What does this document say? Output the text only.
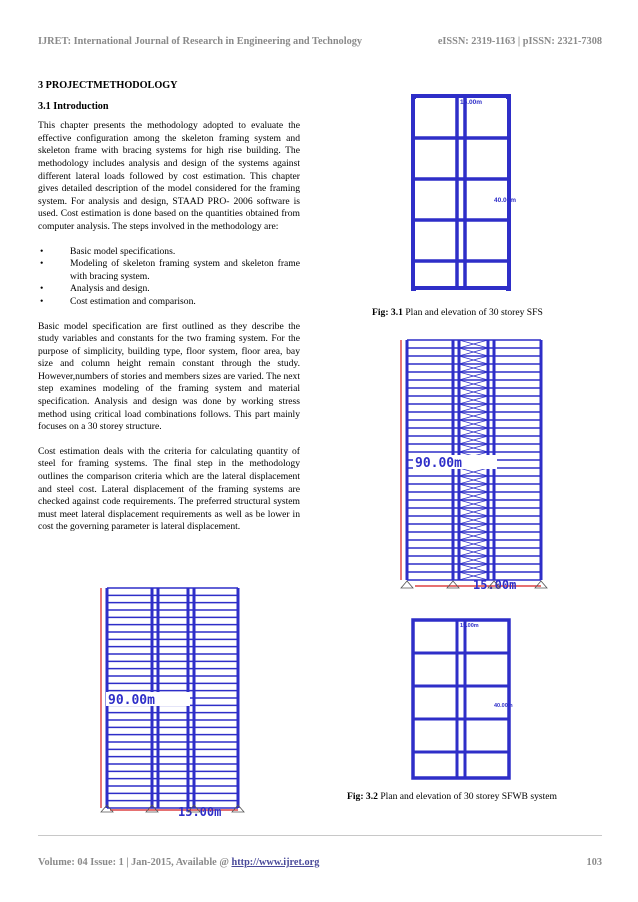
IJRET: International Journal of Research in Engineering and Technology	eISSN: 2319-1163 | pISSN: 2321-7308
3 PROJECTMETHODOLOGY
3.1 Introduction

This chapter presents the methodology adopted to evaluate the effective configuration among the skeleton framing system and skeleton frame with bracing systems for high rise building. The methodology includes analysis and design of the systems against different lateral loads followed by cost estimation. This chapter gives detailed description of the model considered for the framing system. For analysis and design, STAAD PRO- 2006 software is used. Cost estimation is done based on the quantities obtained from computer analysis. The steps involved in the methodology are:

•	Basic model specifications.
•	Modeling of skeleton framing system and skeleton frame with bracing system.
•	Analysis and design.
•	Cost estimation and comparison.

Basic model specification are first outlined as they describe the study variables and constants for the two framing system. For the purpose of simplicity, building type, floor system, floor area, bay size and column height remain constant through the study. However,numbers of stories and members sizes are varied. The next step examines modeling of the framing system and material specification. Analysis and design was done by working stress method using critical load combinations follows. This part mainly focuses on a 30 storey structure.

Cost estimation deals with the criteria for calculating quantity of steel for framing systems. The final step in the methodology outlines the comparison criteria which are the lateral displacement and steel cost. Lateral displacement of the framing systems are checked against code requirements. The preferred structural system must meet lateral displacement requirements as well as be lower in cost the governing parameter is lateral displacement.

15.00m
40.00m
Fig: 3.1 Plan and elevation of 30 storey SFS
90.00m
15.00m
15.00m
40.00m
Fig: 3.2 Plan and elevation of 30 storey SFWB system
90.00m
15.00m
Volume: 04 Issue: 1 | Jan-2015, Available @ http://www.ijret.org	103
